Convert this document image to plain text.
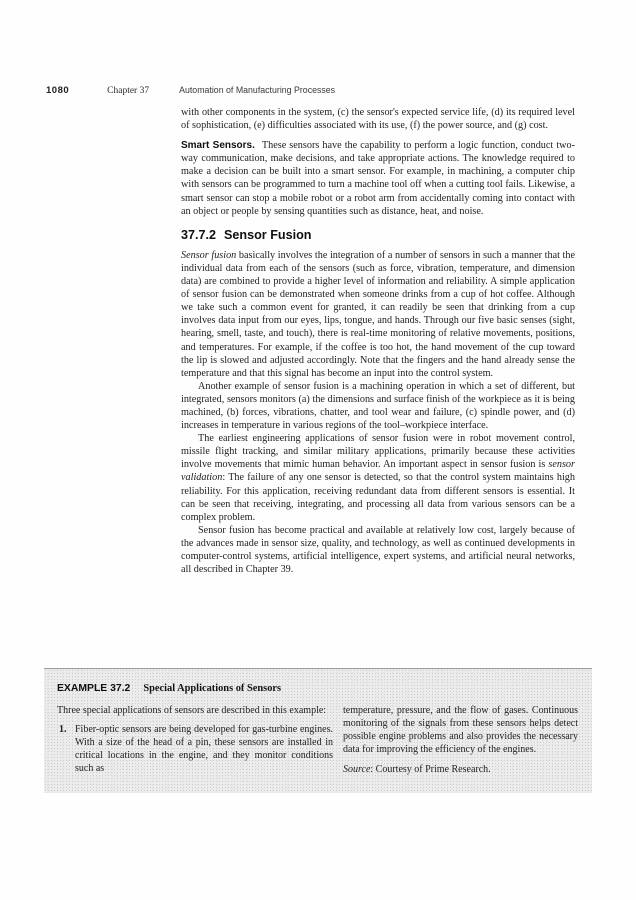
1080	Chapter 37	Automation of Manufacturing Processes

with other components in the system, (c) the sensor's expected service life, (d) its required level of sophistication, (e) difficulties associated with its use, (f) the power source, and (g) cost.

Smart Sensors. These sensors have the capability to perform a logic function, conduct two-way communication, make decisions, and take appropriate actions. The knowledge required to make a decision can be built into a smart sensor. For example, in machining, a computer chip with sensors can be programmed to turn a machine tool off when a cutting tool fails. Likewise, a smart sensor can stop a mobile robot or a robot arm from accidentally coming into contact with an object or people by sensing quantities such as distance, heat, and noise.

37.7.2 Sensor Fusion

Sensor fusion basically involves the integration of a number of sensors in such a manner that the individual data from each of the sensors (such as force, vibration, temperature, and dimension data) are combined to provide a higher level of information and reliability. A simple application of sensor fusion can be demonstrated when someone drinks from a cup of hot coffee. Although we take such a common event for granted, it can readily be seen that drinking from a cup involves data input from our eyes, lips, tongue, and hands. Through our five basic senses (sight, hearing, smell, taste, and touch), there is real-time monitoring of relative movements, positions, and temperatures. For example, if the coffee is too hot, the hand movement of the cup toward the lip is slowed and adjusted accordingly. Note that the fingers and the hand already sense the temperature and that this signal has become an input into the control system.

Another example of sensor fusion is a machining operation in which a set of different, but integrated, sensors monitors (a) the dimensions and surface finish of the workpiece as it is being machined, (b) forces, vibrations, chatter, and tool wear and failure, (c) spindle power, and (d) increases in temperature in various regions of the tool–workpiece interface.

The earliest engineering applications of sensor fusion were in robot movement control, missile flight tracking, and similar military applications, primarily because these activities involve movements that mimic human behavior. An important aspect in sensor fusion is sensor validation: The failure of any one sensor is detected, so that the control system maintains high reliability. For this application, receiving redundant data from different sensors is essential. It can be seen that receiving, integrating, and processing all data from various sensors can be a complex problem.

Sensor fusion has become practical and available at relatively low cost, largely because of the advances made in sensor size, quality, and technology, as well as continued developments in computer-control systems, artificial intelligence, expert systems, and artificial neural networks, all described in Chapter 39.

EXAMPLE 37.2 Special Applications of Sensors

Three special applications of sensors are described in this example:

1. Fiber-optic sensors are being developed for gas-turbine engines. With a size of the head of a pin, these sensors are installed in critical locations in the engine, and they monitor conditions such as

temperature, pressure, and the flow of gases. Continuous monitoring of the signals from these sensors helps detect possible engine problems and also provides the necessary data for improving the efficiency of the engines.

Source: Courtesy of Prime Research.
